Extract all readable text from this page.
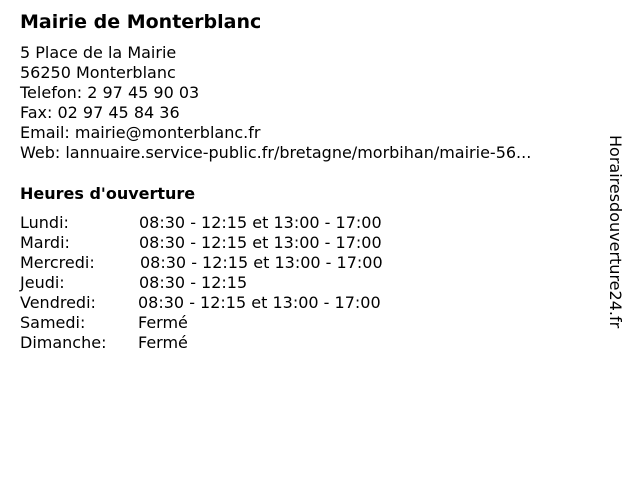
Mairie de Monterblanc
5 Place de la Mairie
56250 Monterblanc
Telefon: 2 97 45 90 03
Fax: 02 97 45 84 36
Email: mairie@monterblanc.fr
Web: lannuaire.service-public.fr/bretagne/morbihan/mairie-56...
Heures d'ouverture
Lundi:	08:30 - 12:15 et 13:00 - 17:00
Mardi:	08:30 - 12:15 et 13:00 - 17:00
Mercredi:	08:30 - 12:15 et 13:00 - 17:00
Jeudi:	08:30 - 12:15
Vendredi:	08:30 - 12:15 et 13:00 - 17:00
Samedi:	Fermé
Dimanche: Fermé
Horairesdouverture24.fr
